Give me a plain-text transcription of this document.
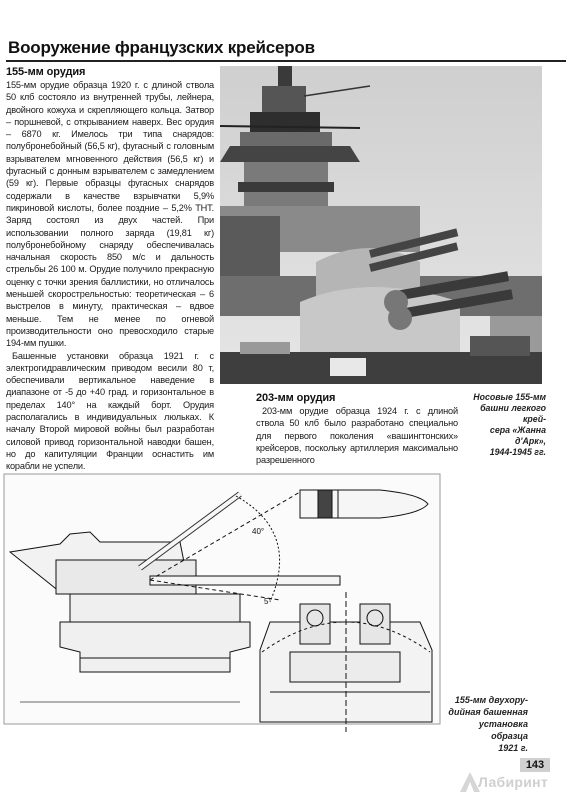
Вооружение французских крейсеров
155-мм орудия

155-мм орудие образца 1920 г. с длиной ствола 50 клб состояло из внутренней трубы, лейнера, двойного кожуха и скрепляющего кольца. Затвор – поршневой, с открыванием наверх. Вес орудия – 6870 кг. Имелось три типа снарядов: полубронебойный (56,5 кг), фугасный с головным взрывателем мгновенного действия (56,5 кг) и фугасный с донным взрывателем с замедлением (59 кг). Первые образцы фугасных снарядов содержали в качестве взрывчатки 5,9% пикриновой кислоты, более поздние – 5,2% ТНТ. Заряд состоял из двух частей. При использовании полного заряда (19,81 кг) полубронебойному снаряду обеспечивалась начальная скорость 850 м/с и дальность стрельбы 26 100 м. Орудие получило прекрасную оценку с точки зрения баллистики, но отличалось меньшей скорострельностью: теоретическая – 6 выстрелов в минуту, практическая – вдвое меньше. Тем не менее по огневой производительности оно превосходило старые 194-мм пушки.

Башенные установки образца 1921 г. с электрогидравлическим приводом весили 80 т, обеспечивали вертикальное наведение в диапазоне от -5 до +40 град. и горизонтальное в пределах 140° на каждый борт. Орудия располагались в индивидуальных люльках. К началу Второй мировой войны был разработан силовой привод горизонтальной наводки башен, но до капитуляции Франции оснастить им корабли не успели.

203-мм орудия

203-мм орудие образца 1924 г. с длиной ствола 50 клб было разработано специально для первого поколения «вашингтонских» крейсеров, поскольку артиллерия максимально разрешенного

Носовые 155-мм
башни легкого крей-
сера «Жанна д'Арк»,
1944-1945 гг.
40°
5°
155-мм двухору-
дийная башенная
установка образца
1921 г.
143
Лабиринт
